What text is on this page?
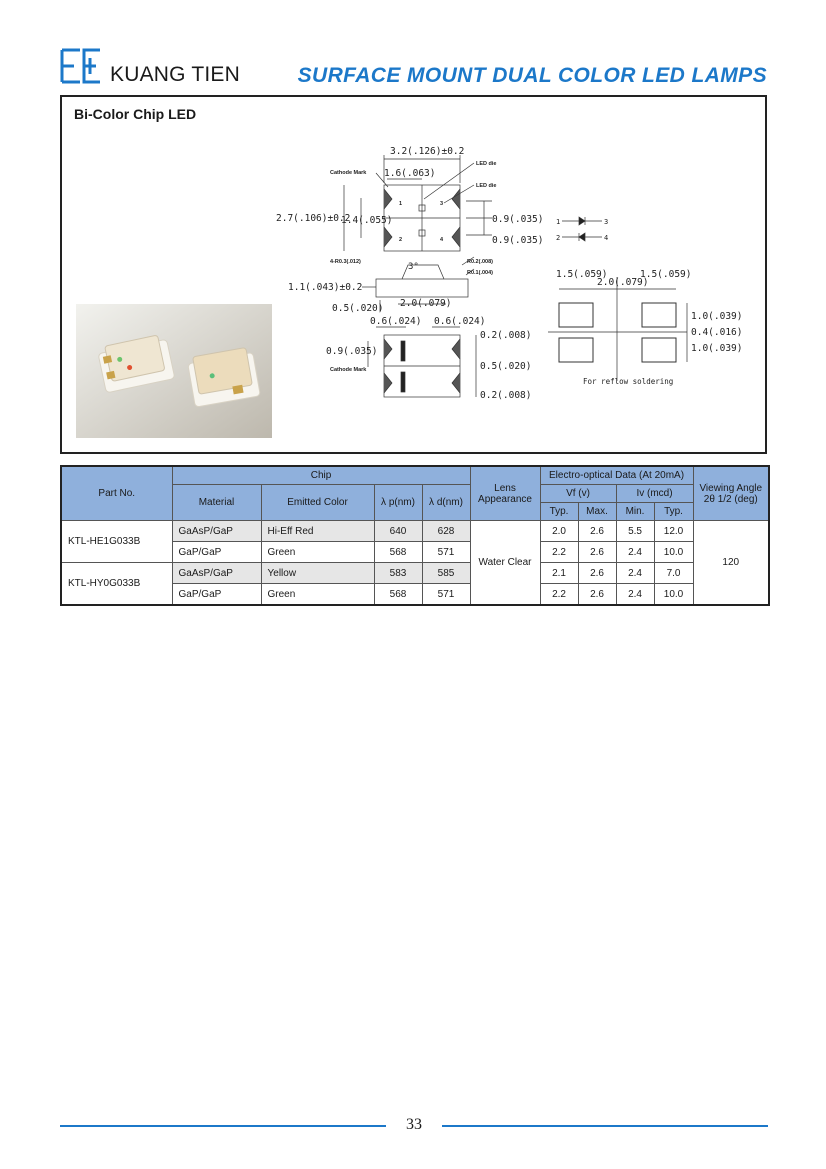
KUANG TIEN	SURFACE MOUNT DUAL COLOR LED LAMPS
Bi-Color Chip LED
3.2(.126)±0.2
1.6(.063)
Cathode Mark
LED die
LED die
2.7(.106)±0.2
1.4(.055)	0.9(.035)
0.9(.035)
1
2
3
4
4-R0.3(.012)	3°	R0.2(.008)
R0.1(.004)
1.1(.043)±0.2
0.5(.020) 2.0(.079)
0.6(.024) 0.6(.024)
0.2(.008)
0.9(.035)
0.5(.020)
Cathode Mark
0.2(.008)
1
2
3
4
1.5(.059)
2.0(.079)
1.5(.059)
1.0(.039)
0.4(.016)
1.0(.039)
For reflow soldering
Part No.	Chip				Lens Appearance	Electro-optical Data (At 20mA)				Viewing Angle 2θ 1/2 (deg)
	Material	Emitted Color	λ p(nm)	λ d(nm)		Vf (v)		Iv (mcd)		
						Typ.	Max.	Min.	Typ.	
KTL-HE1G033B	GaAsP/GaP	Hi-Eff Red	640	628	Water Clear	2.0	2.6	5.5	12.0	120
	GaP/GaP	Green	568	571		2.2	2.6	2.4	10.0	
KTL-HY0G033B	GaAsP/GaP	Yellow	583	585		2.1	2.6	2.4	7.0	
	GaP/GaP	Green	568	571		2.2	2.6	2.4	10.0	
33
